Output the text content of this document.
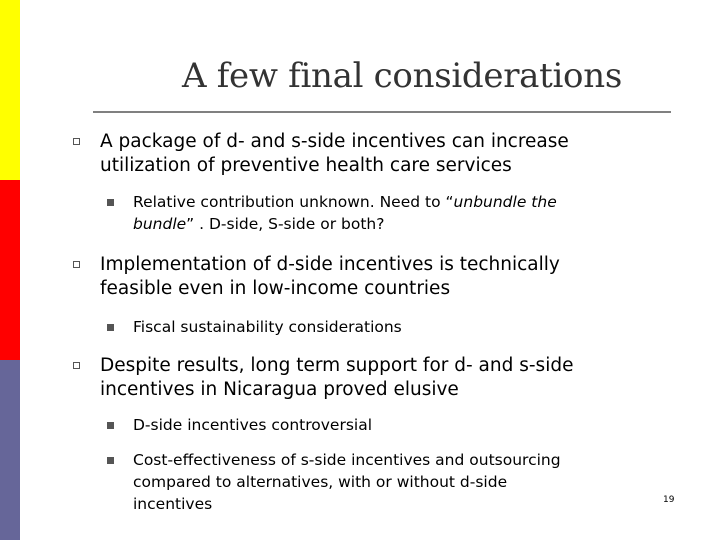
A few final considerations
A package of d- and s-side incentives can increase
utilization of preventive health care services
Relative contribution unknown. Need to “unbundle the
bundle” . D-side, S-side or both?
Implementation of d-side incentives is technically
feasible even in low-income countries
Fiscal sustainability considerations
Despite results, long term support for d- and s-side
incentives in Nicaragua proved elusive
D-side incentives controversial
Cost-effectiveness of s-side incentives and outsourcing
compared to alternatives, with or without d-side
incentives	19
